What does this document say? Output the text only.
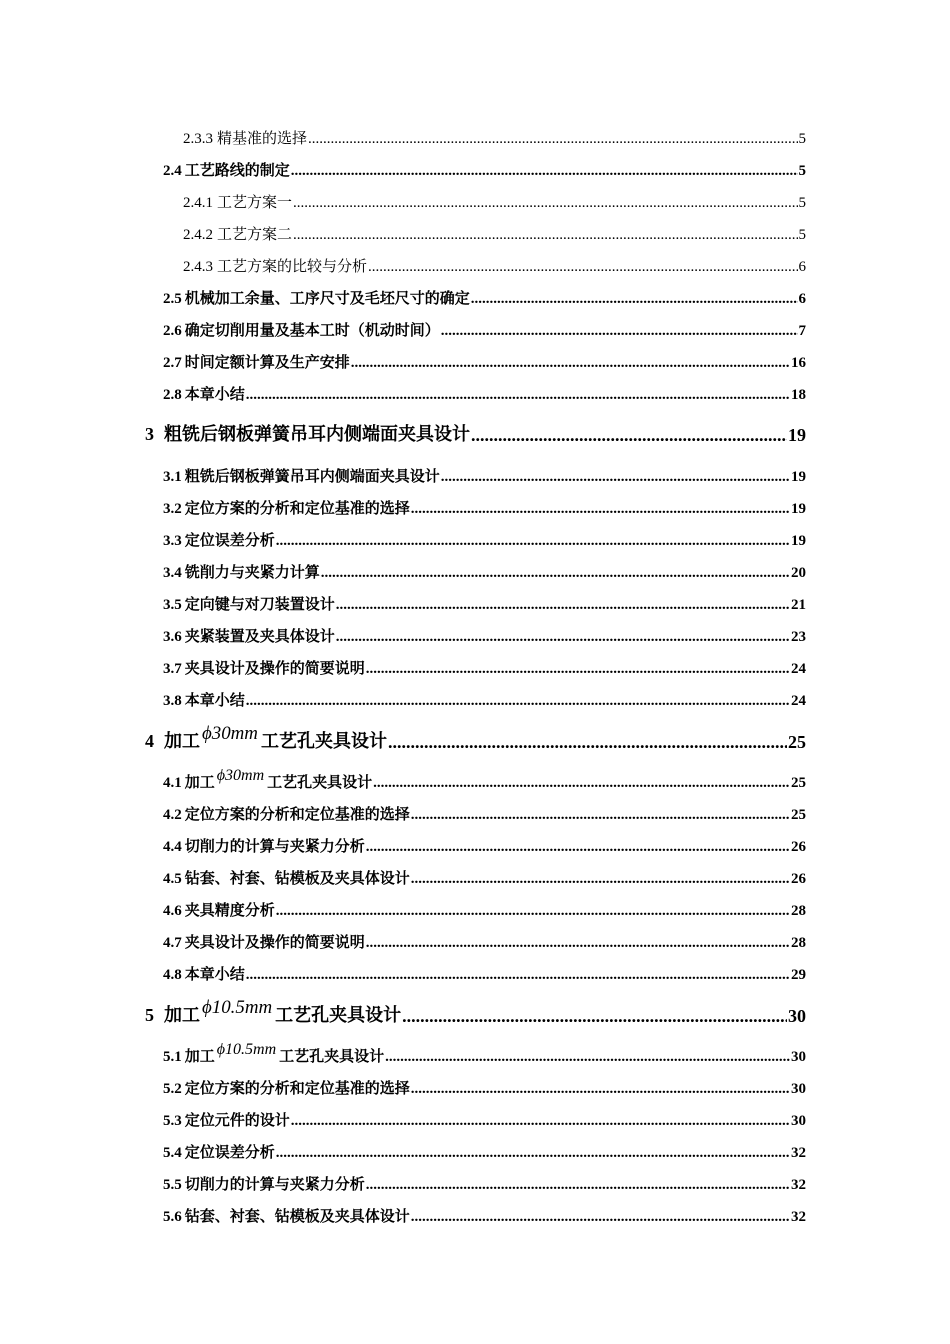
2.3.3 精基准的选择 .....	5
2.4 工艺路线的制定 .....	5
2.4.1 工艺方案一 .....	5
2.4.2 工艺方案二 .....	5
2.4.3 工艺方案的比较与分析 .....	6
2.5 机械加工余量、工序尺寸及毛坯尺寸的确定 .....	6
2.6 确定切削用量及基本工时（机动时间） .....	7
2.7 时间定额计算及生产安排 .....	16
2.8 本章小结 .....	18
3 粗铣后钢板弹簧吊耳内侧端面夹具设计 .....	19
3.1 粗铣后钢板弹簧吊耳内侧端面夹具设计 .....	19
3.2 定位方案的分析和定位基准的选择 .....	19
3.3 定位误差分析 .....	19
3.4 铣削力与夹紧力计算 .....	20
3.5 定向键与对刀装置设计 .....	21
3.6 夹紧装置及夹具体设计 .....	23
3.7 夹具设计及操作的简要说明 .....	24
3.8 本章小结 .....	24
4 加工 ϕ30mm 工艺孔夹具设计 .....	25
4.1 加工 ϕ30mm 工艺孔夹具设计 .....	25
4.2 定位方案的分析和定位基准的选择 .....	25
4.4 切削力的计算与夹紧力分析 .....	26
4.5 钻套、衬套、钻模板及夹具体设计 .....	26
4.6 夹具精度分析 .....	28
4.7 夹具设计及操作的简要说明 .....	28
4.8 本章小结 .....	29
5 加工 ϕ10.5mm 工艺孔夹具设计 .....	30
5.1 加工 ϕ10.5mm 工艺孔夹具设计 .....	30
5.2 定位方案的分析和定位基准的选择 .....	30
5.3 定位元件的设计 .....	30
5.4 定位误差分析 .....	32
5.5 切削力的计算与夹紧力分析 .....	32
5.6 钻套、衬套、钻模板及夹具体设计 .....	32
